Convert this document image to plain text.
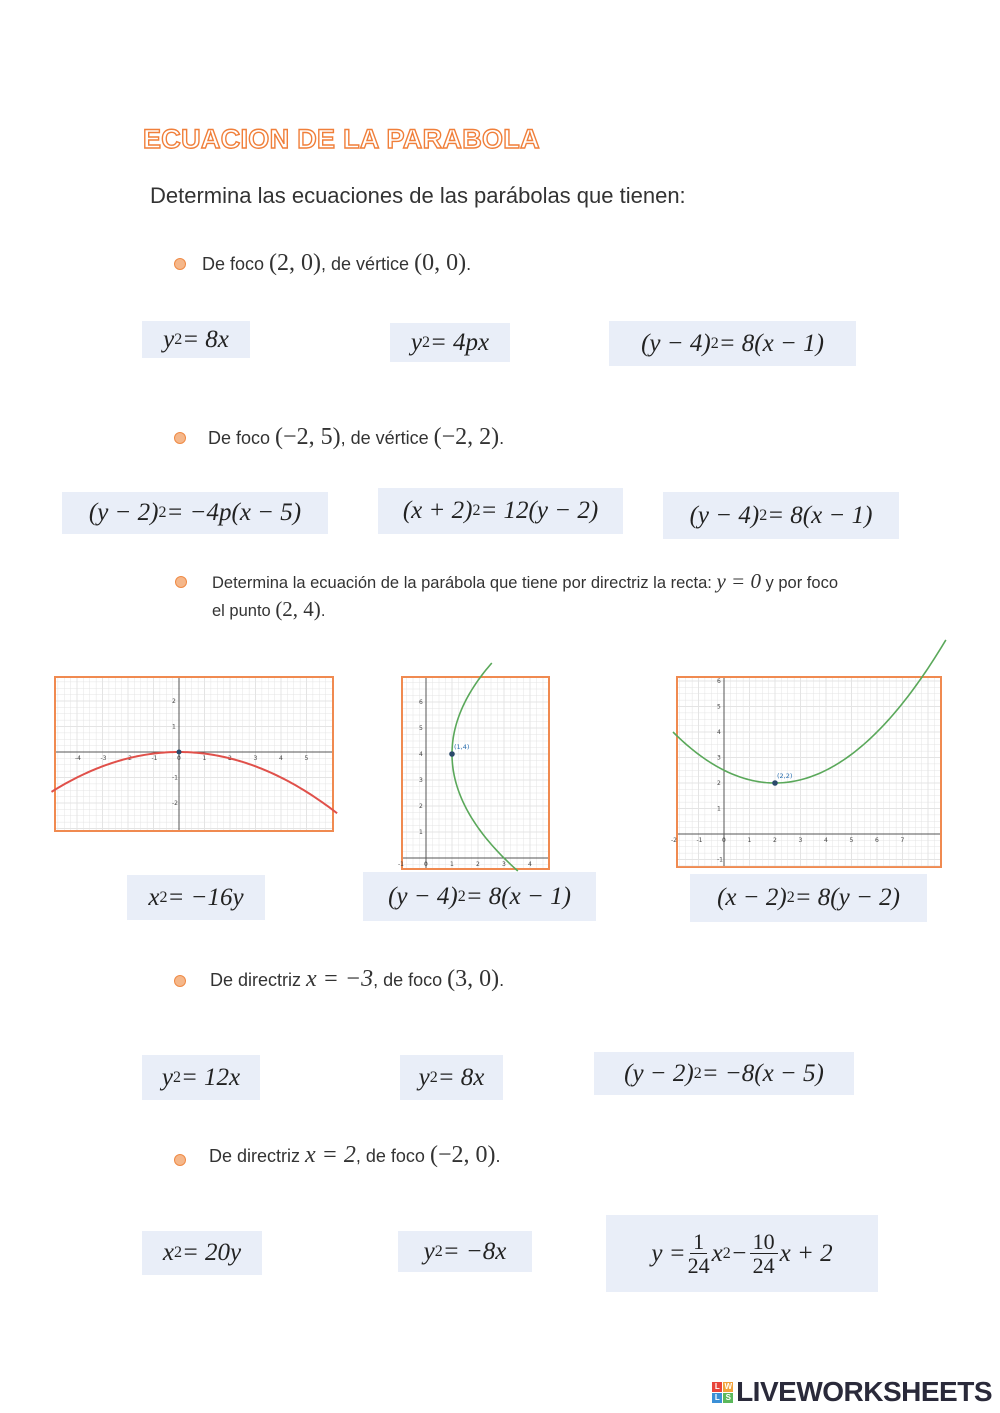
ECUACION DE LA PARABOLA
Determina las ecuaciones de las parábolas que tienen:
De foco (2, 0), de vértice (0, 0).
y 2 = 8x	y 2 = 4px	(y − 4) 2 = 8(x − 1)
De foco (−2, 5), de vértice (−2, 2).
(y − 2) 2 = −4p(x − 5)	(x + 2) 2 = 12(y − 2)	(y − 4) 2 = 8(x − 1)
Determina la ecuación de la parábola que tiene por directriz la recta: y = 0 y por foco
el punto (2, 4).
-4	-3	-2	-1	0	1	2	3	4	5
2
1
-1
-2
-1	0	1	2	3	4
6
5
4
3
2
1
(1,4)
-2	-1	0	1	2	3	4	5	6	7
6
5
4
3
2
1
-1
(2,2)
x 2 = −16y	(y − 4) 2 = 8(x − 1)	(x − 2) 2 = 8(y − 2)
De directriz x = −3, de foco (3, 0).
y 2 = 12x	y 2 = 8x	(y − 2) 2 = −8(x − 5)
De directriz x = 2, de foco (−2, 0).
x 2 = 20y	y 2 = −8x	$y = \frac{1}{24}$ x $2 - \frac{10}{24}$ x + 2
L W
L S LIVEWORKSHEETS
